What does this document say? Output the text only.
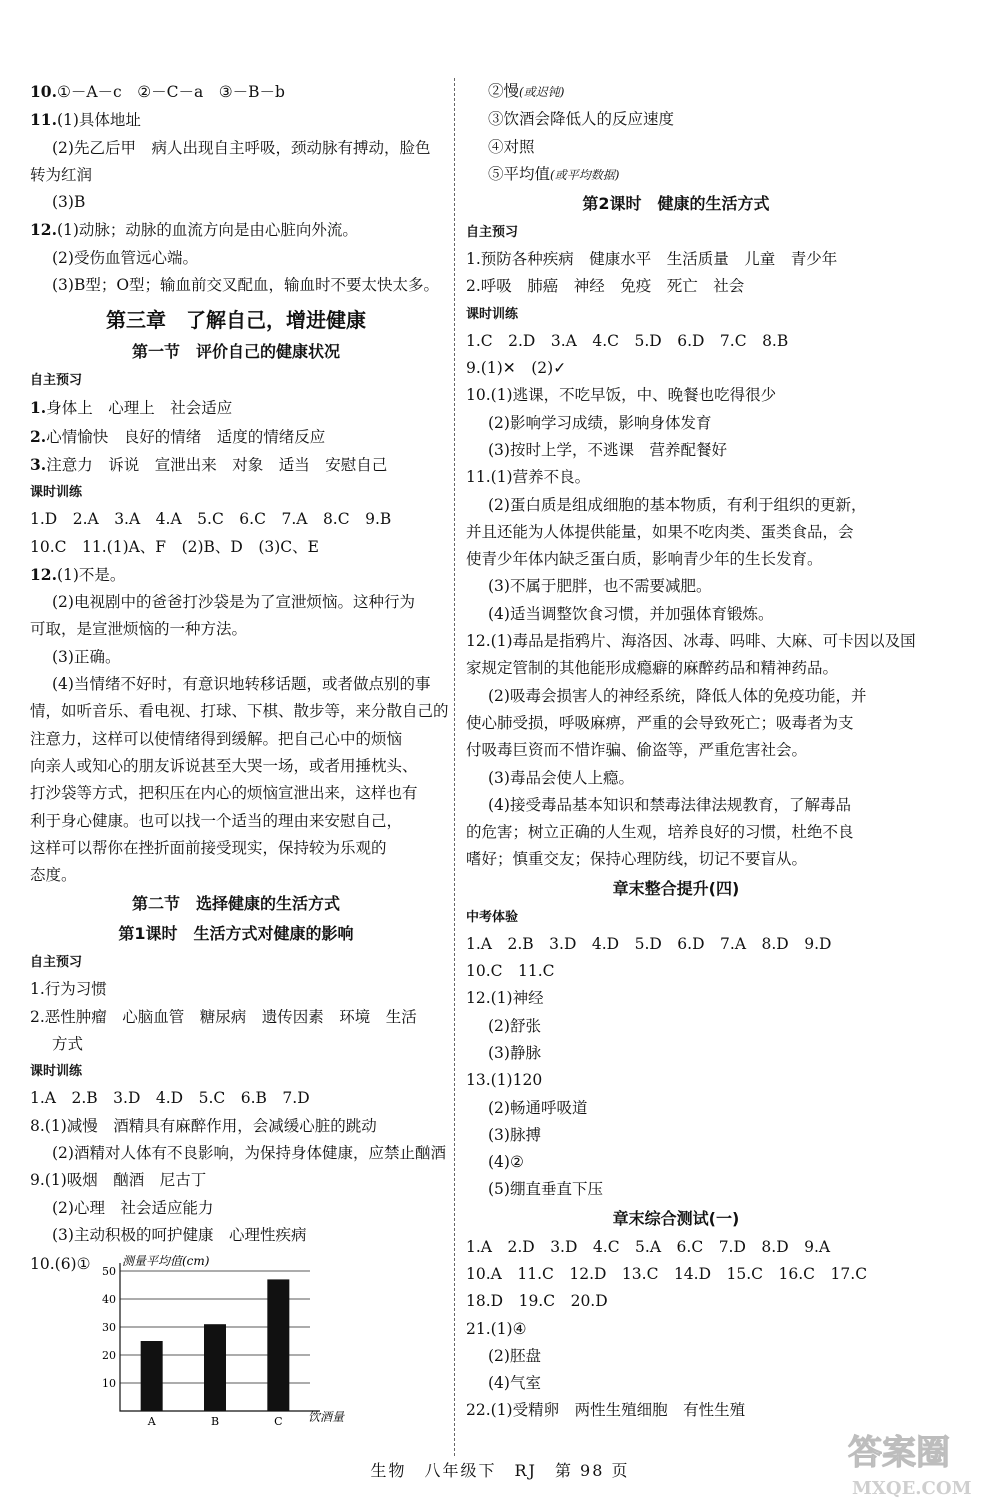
10.①－A－c　②－C－a　③－B－b
11.(1)具体地址
(2)先乙后甲　病人出现自主呼吸，颈动脉有搏动，脸色
转为红润
(3)B
12.(1)动脉；动脉的血流方向是由心脏向外流。
(2)受伤血管远心端。
(3)B型；O型；输血前交叉配血，输血时不要太快太多。
第三章　了解自己，增进健康
第一节　评价自己的健康状况
自主预习
1.身体上　心理上　社会适应
2.心情愉快　良好的情绪　适度的情绪反应
3.注意力　诉说　宣泄出来　对象　适当　安慰自己
课时训练
1.D　2.A　3.A　4.A　5.C　6.C　7.A　8.C　9.B
10.C　11.(1)A、F　(2)B、D　(3)C、E
12.(1)不是。
(2)电视剧中的爸爸打沙袋是为了宣泄烦恼。这种行为
可取，是宣泄烦恼的一种方法。
(3)正确。
(4)当情绪不好时，有意识地转移话题，或者做点别的事
情，如听音乐、看电视、打球、下棋、散步等，来分散自己的
注意力，这样可以使情绪得到缓解。把自己心中的烦恼
向亲人或知心的朋友诉说甚至大哭一场，或者用捶枕头、
打沙袋等方式，把积压在内心的烦恼宣泄出来，这样也有
利于身心健康。也可以找一个适当的理由来安慰自己，
这样可以帮你在挫折面前接受现实，保持较为乐观的
态度。
第二节　选择健康的生活方式
第1课时　生活方式对健康的影响
自主预习
1.行为习惯
2.恶性肿瘤　心脑血管　糖尿病　遗传因素　环境　生活
方式
课时训练
1.A　2.B　3.D　4.D　5.C　6.B　7.D
8.(1)减慢　酒精具有麻醉作用，会减缓心脏的跳动
(2)酒精对人体有不良影响，为保持身体健康，应禁止酗酒
9.(1)吸烟　酗酒　尼古丁
(2)心理　社会适应能力
(3)主动积极的呵护健康　心理性疾病
10.(6)①
10
20
30
40
50
A	B	C
测量平均值(cm)
饮酒量
②慢(或迟钝)
③饮酒会降低人的反应速度
④对照
⑤平均值(或平均数据)
第2课时　健康的生活方式
自主预习
1.预防各种疾病　健康水平　生活质量　儿童　青少年
2.呼吸　肺癌　神经　免疫　死亡　社会
课时训练
1.C　2.D　3.A　4.C　5.D　6.D　7.C　8.B
9.(1)✕　(2)✓
10.(1)逃课，不吃早饭，中、晚餐也吃得很少
(2)影响学习成绩，影响身体发育
(3)按时上学，不逃课　营养配餐好
11.(1)营养不良。
(2)蛋白质是组成细胞的基本物质，有利于组织的更新，
并且还能为人体提供能量，如果不吃肉类、蛋类食品，会
使青少年体内缺乏蛋白质，影响青少年的生长发育。
(3)不属于肥胖，也不需要减肥。
(4)适当调整饮食习惯，并加强体育锻炼。
12.(1)毒品是指鸦片、海洛因、冰毒、吗啡、大麻、可卡因以及国
家规定管制的其他能形成瘾癖的麻醉药品和精神药品。
(2)吸毒会损害人的神经系统，降低人体的免疫功能，并
使心肺受损，呼吸麻痹，严重的会导致死亡；吸毒者为支
付吸毒巨资而不惜诈骗、偷盗等，严重危害社会。
(3)毒品会使人上瘾。
(4)接受毒品基本知识和禁毒法律法规教育，了解毒品
的危害；树立正确的人生观，培养良好的习惯，杜绝不良
嗜好；慎重交友；保持心理防线，切记不要盲从。
章末整合提升(四)
中考体验
1.A　2.B　3.D　4.D　5.D　6.D　7.A　8.D　9.D
10.C　11.C
12.(1)神经
(2)舒张
(3)静脉
13.(1)120
(2)畅通呼吸道
(3)脉搏
(4)②
(5)绷直垂直下压
章末综合测试(一)
1.A　2.D　3.D　4.C　5.A　6.C　7.D　8.D　9.A
10.A　11.C　12.D　13.C　14.D　15.C　16.C　17.C
18.D　19.C　20.D
21.(1)④
(2)胚盘
(4)气室
22.(1)受精卵　两性生殖细胞　有性生殖
生物　八年级下　RJ　第 98 页	答案圈
MXQE.COM
